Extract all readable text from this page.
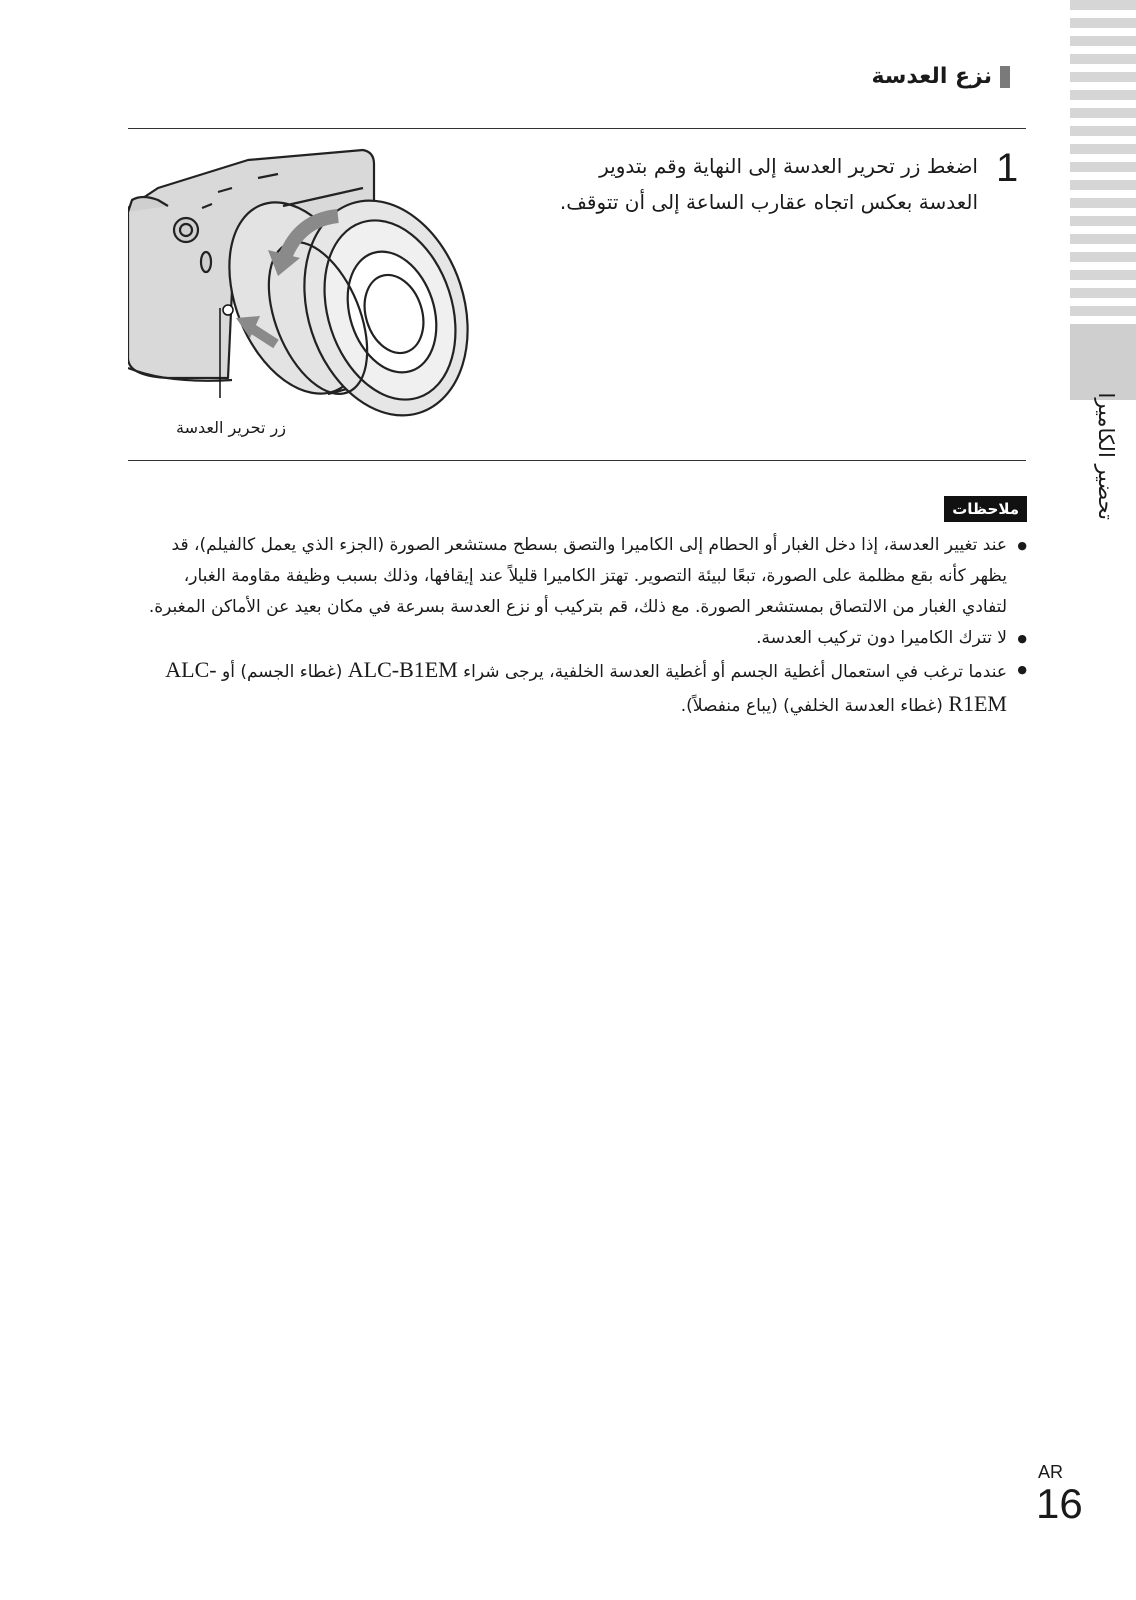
تحضير الكاميرا
نزع العدسة
1
اضغط زر تحرير العدسة إلى النهاية وقم بتدوير العدسة بعكس اتجاه عقارب الساعة إلى أن تتوقف.
زر تحرير العدسة
ملاحظات
● عند تغيير العدسة، إذا دخل الغبار أو الحطام إلى الكاميرا والتصق بسطح مستشعر الصورة (الجزء الذي يعمل كالفيلم)، قد يظهر كأنه بقع مظلمة على الصورة، تبعًا لبيئة التصوير. تهتز الكاميرا قليلاً عند إيقافها، وذلك بسبب وظيفة مقاومة الغبار، لتفادي الغبار من الالتصاق بمستشعر الصورة. مع ذلك، قم بتركيب أو نزع العدسة بسرعة في مكان بعيد عن الأماكن المغبرة.
● لا تترك الكاميرا دون تركيب العدسة.
● عندما ترغب في استعمال أغطية الجسم أو أغطية العدسة الخلفية، يرجى شراء ALC-B1EM (غطاء الجسم) أو ALC-R1EM (غطاء العدسة الخلفي) (يباع منفصلاً).
AR
16
